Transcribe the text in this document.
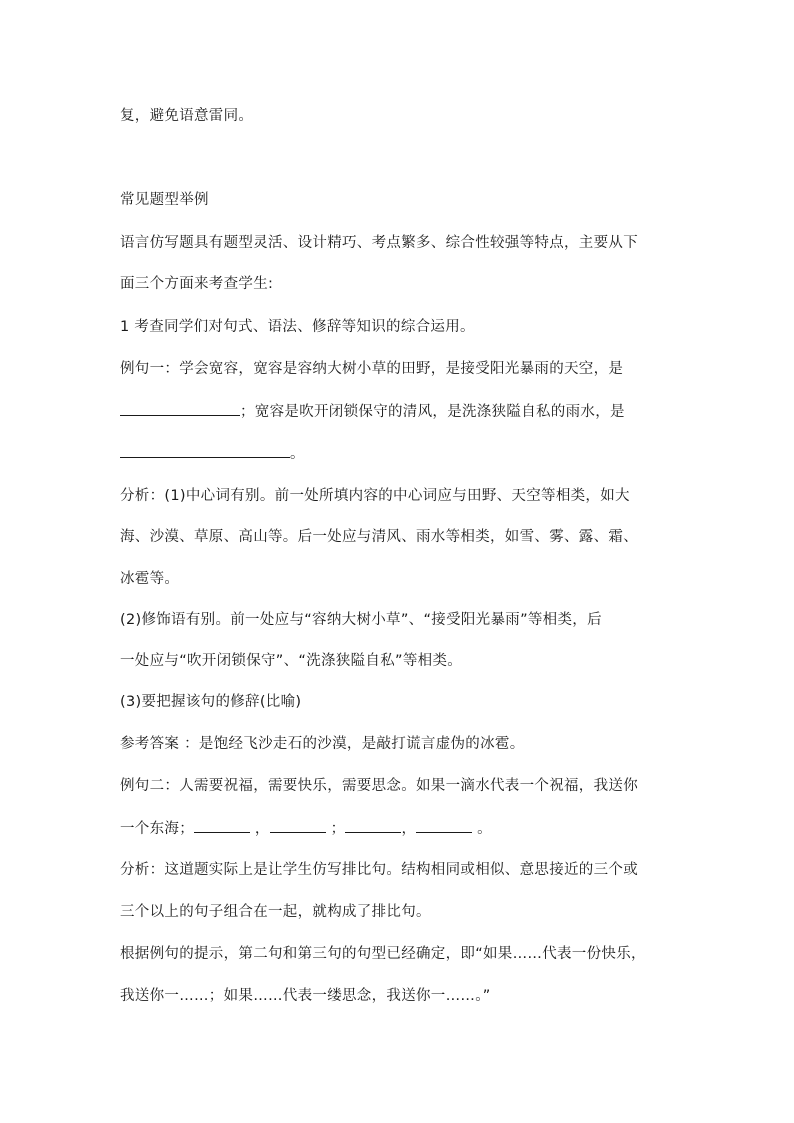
复，避免语意雷同。
常见题型举例
语言仿写题具有题型灵活、设计精巧、考点繁多、综合性较强等特点，主要从下
面三个方面来考查学生:
1 考查同学们对句式、语法、修辞等知识的综合运用。
例句一：学会宽容，宽容是容纳大树小草的田野，是接受阳光暴雨的天空，是
；宽容是吹开闭锁保守的清风，是洗涤狭隘自私的雨水，是
。
分析：(1)中心词有别。前一处所填内容的中心词应与田野、天空等相类，如大
海、沙漠、草原、高山等。后一处应与清风、雨水等相类，如雪、雾、露、霜、
冰雹等。
(2)修饰语有别。前一处应与“容纳大树小草”、“接受阳光暴雨”等相类，后
一处应与“吹开闭锁保守”、“洗涤狭隘自私”等相类。
(3)要把握该句的修辞(比喻)
参考答案 ：是饱经飞沙走石的沙漠，是敲打谎言虚伪的冰雹。
例句二：人需要祝福，需要快乐，需要思念。如果一滴水代表一个祝福，我送你
一个东海；	，	；	，	。
分析：这道题实际上是让学生仿写排比句。结构相同或相似、意思接近的三个或
三个以上的句子组合在一起，就构成了排比句。
根据例句的提示，第二句和第三句的句型已经确定，即“如果……代表一份快乐，
我送你一……；如果……代表一缕思念，我送你一……。”
